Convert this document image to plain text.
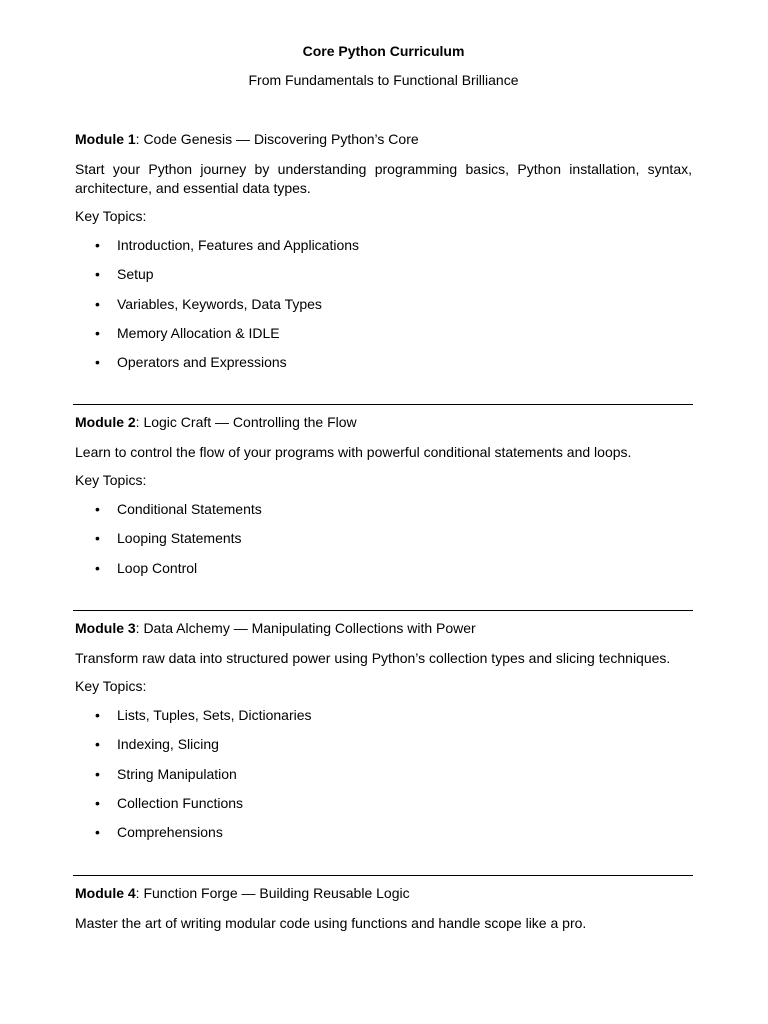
Core Python Curriculum
From Fundamentals to Functional Brilliance

Module 1: Code Genesis — Discovering Python’s Core

Start your Python journey by understanding programming basics, Python installation, syntax, architecture, and essential data types.
Key Topics:
• Introduction, Features and Applications
• Setup
• Variables, Keywords, Data Types
• Memory Allocation & IDLE
• Operators and Expressions

Module 2: Logic Craft — Controlling the Flow

Learn to control the flow of your programs with powerful conditional statements and loops.
Key Topics:
• Conditional Statements
• Looping Statements
• Loop Control

Module 3: Data Alchemy — Manipulating Collections with Power

Transform raw data into structured power using Python’s collection types and slicing techniques.
Key Topics:
• Lists, Tuples, Sets, Dictionaries
• Indexing, Slicing
• String Manipulation
• Collection Functions
• Comprehensions

Module 4: Function Forge — Building Reusable Logic

Master the art of writing modular code using functions and handle scope like a pro.
